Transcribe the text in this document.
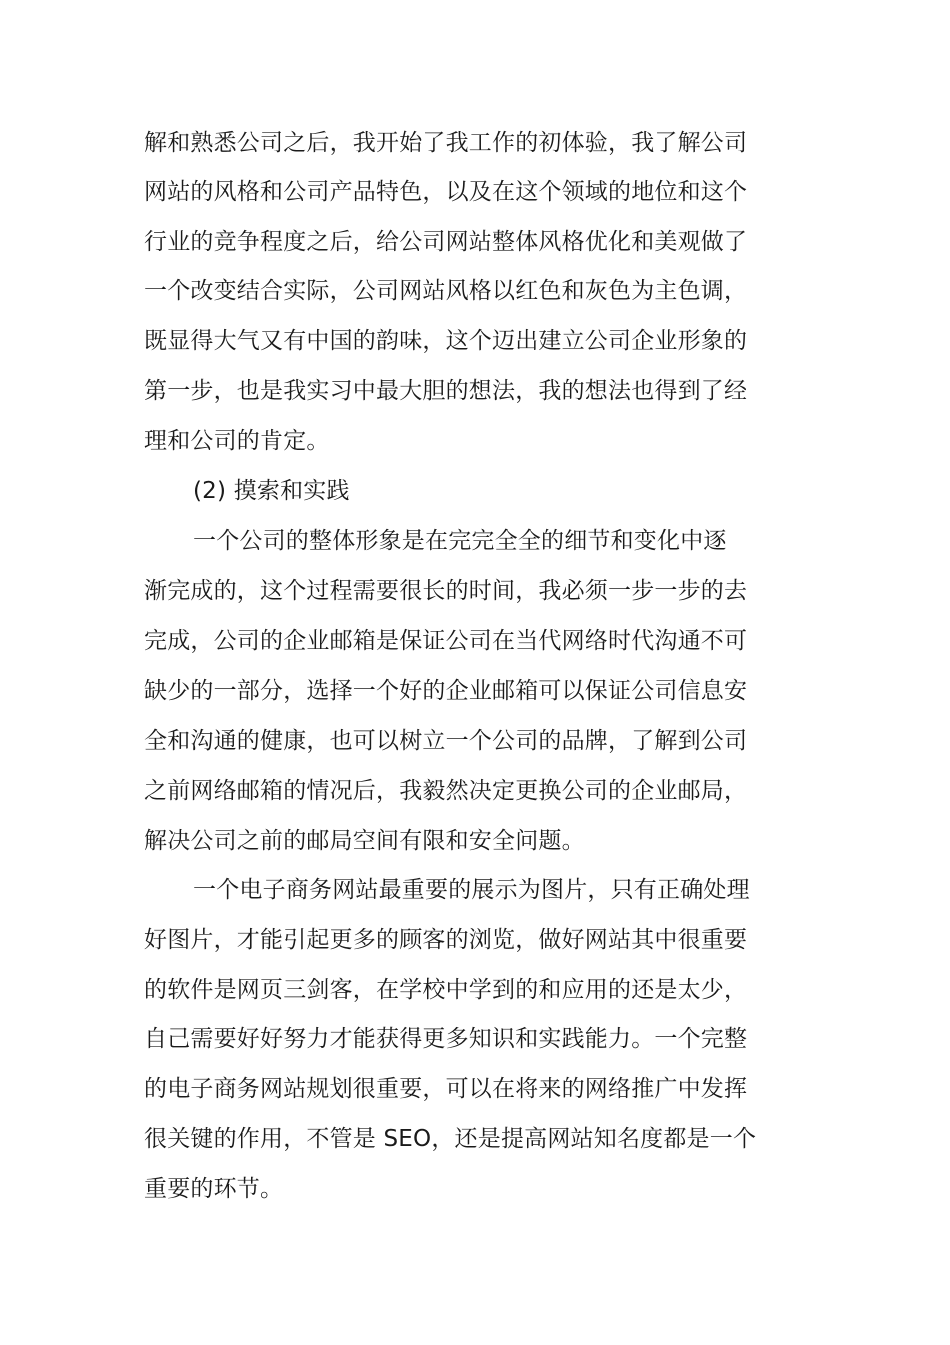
解和熟悉公司之后，我开始了我工作的初体验，我了解公司
网站的风格和公司产品特色，以及在这个领域的地位和这个
行业的竞争程度之后，给公司网站整体风格优化和美观做了
一个改变结合实际，公司网站风格以红色和灰色为主色调，
既显得大气又有中国的韵味，这个迈出建立公司企业形象的
第一步，也是我实习中最大胆的想法，我的想法也得到了经
理和公司的肯定。
(2) 摸索和实践
一个公司的整体形象是在完完全全的细节和变化中逐
渐完成的，这个过程需要很长的时间，我必须一步一步的去
完成，公司的企业邮箱是保证公司在当代网络时代沟通不可
缺少的一部分，选择一个好的企业邮箱可以保证公司信息安
全和沟通的健康，也可以树立一个公司的品牌，了解到公司
之前网络邮箱的情况后，我毅然决定更换公司的企业邮局，
解决公司之前的邮局空间有限和安全问题。
一个电子商务网站最重要的展示为图片，只有正确处理
好图片，才能引起更多的顾客的浏览，做好网站其中很重要
的软件是网页三剑客，在学校中学到的和应用的还是太少，
自己需要好好努力才能获得更多知识和实践能力。一个完整
的电子商务网站规划很重要，可以在将来的网络推广中发挥
很关键的作用，不管是 SEO，还是提高网站知名度都是一个
重要的环节。
